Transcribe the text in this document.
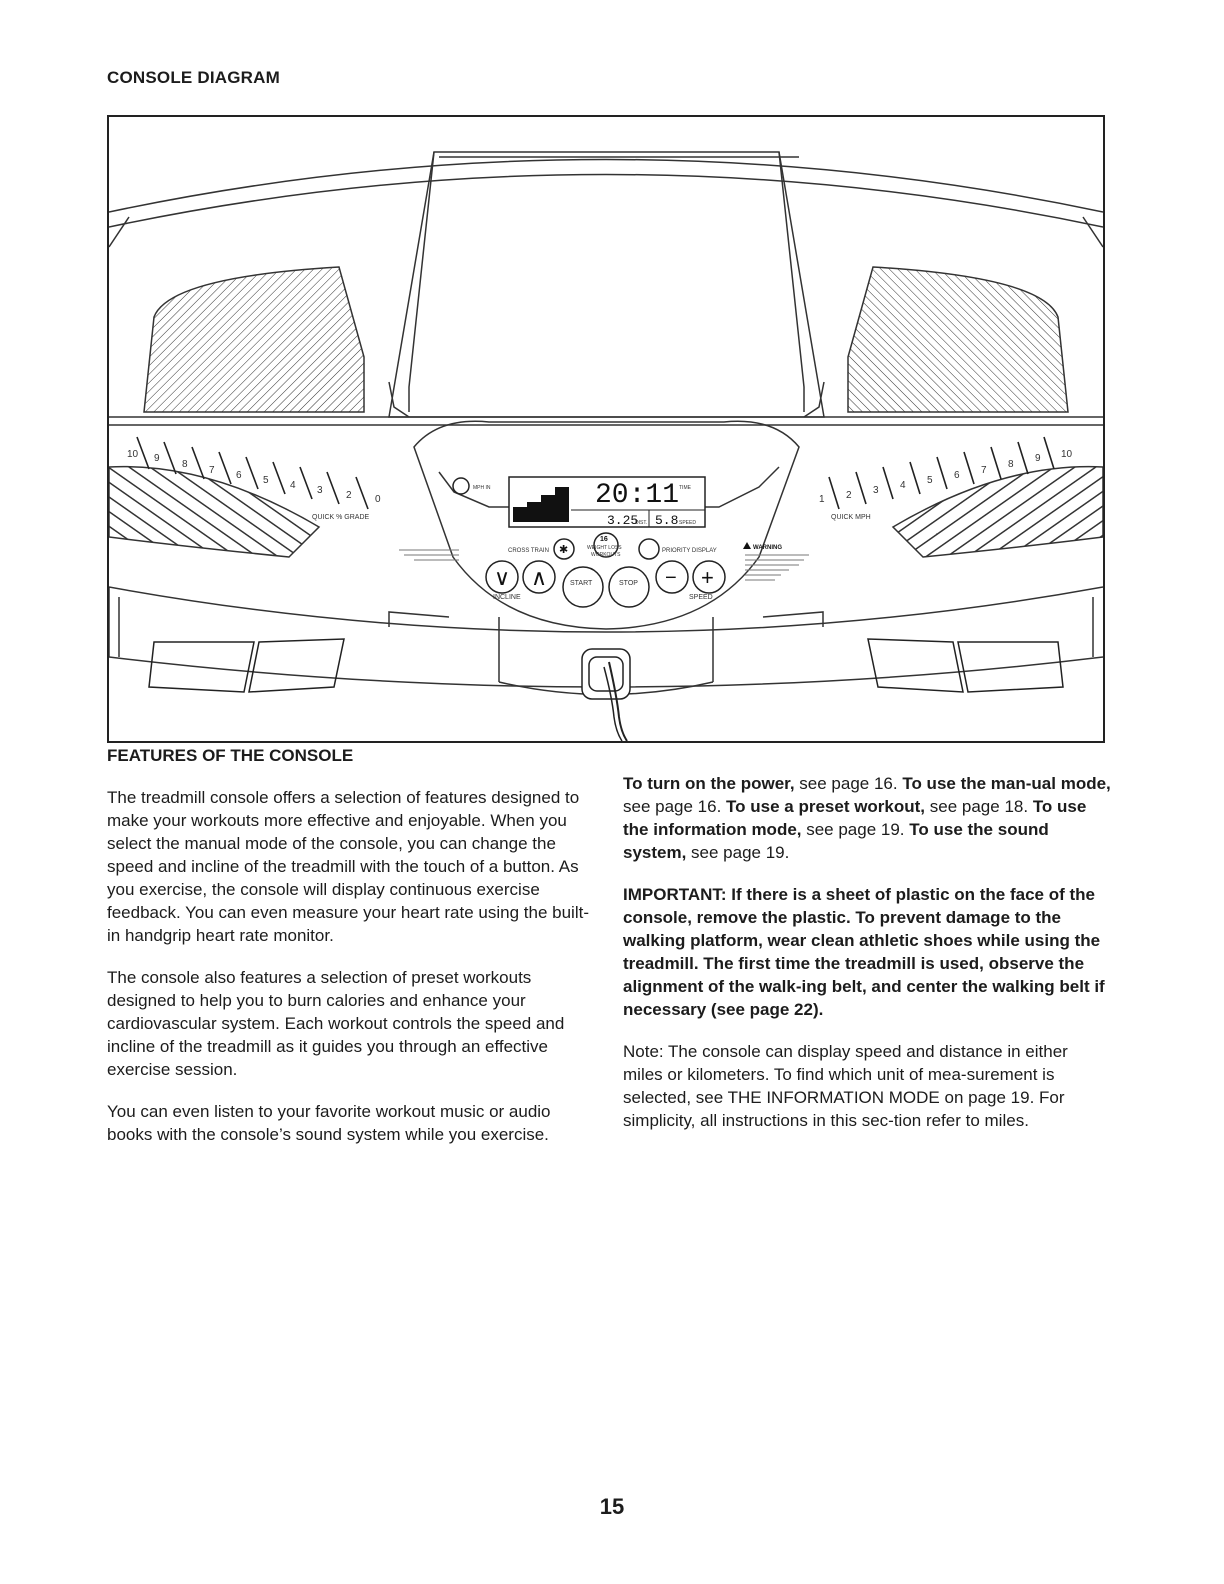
CONSOLE DIAGRAM
10 9
8
7 6 5 4 3 2 0
QUICK % GRADE
1 2 3 4 5 6 7
8
9 10
QUICK MPH
20:11 TIME
3.25
DIST. 5.8 SPEED
MPH IN
CROSS TRAIN ✱
16
WEIGHT LOSS
WORKOUTS
PRIORITY DISPLAY
∨ ∧
INCLINE
START	STOP − +
SPEED
WARNING

FEATURES OF THE CONSOLE

The treadmill console offers a selection of features designed to make your workouts more effective and enjoyable. When you select the manual mode of the console, you can change the speed and incline of the treadmill with the touch of a button. As you exercise, the console will display continuous exercise feedback. You can even measure your heart rate using the built-in handgrip heart rate monitor.

The console also features a selection of preset workouts designed to help you to burn calories and enhance your cardiovascular system. Each workout controls the speed and incline of the treadmill as it guides you through an effective exercise session.

You can even listen to your favorite workout music or audio books with the console’s sound system while you exercise.

To turn on the power, see page 16. To use the man-ual mode, see page 16. To use a preset workout, see page 18. To use the information mode, see page 19. To use the sound system, see page 19.

IMPORTANT: If there is a sheet of plastic on the face of the console, remove the plastic. To prevent damage to the walking platform, wear clean athletic shoes while using the treadmill. The first time the treadmill is used, observe the alignment of the walk-ing belt, and center the walking belt if necessary (see page 22).

Note: The console can display speed and distance in either miles or kilometers. To find which unit of mea-surement is selected, see THE INFORMATION MODE on page 19. For simplicity, all instructions in this sec-tion refer to miles.

15
